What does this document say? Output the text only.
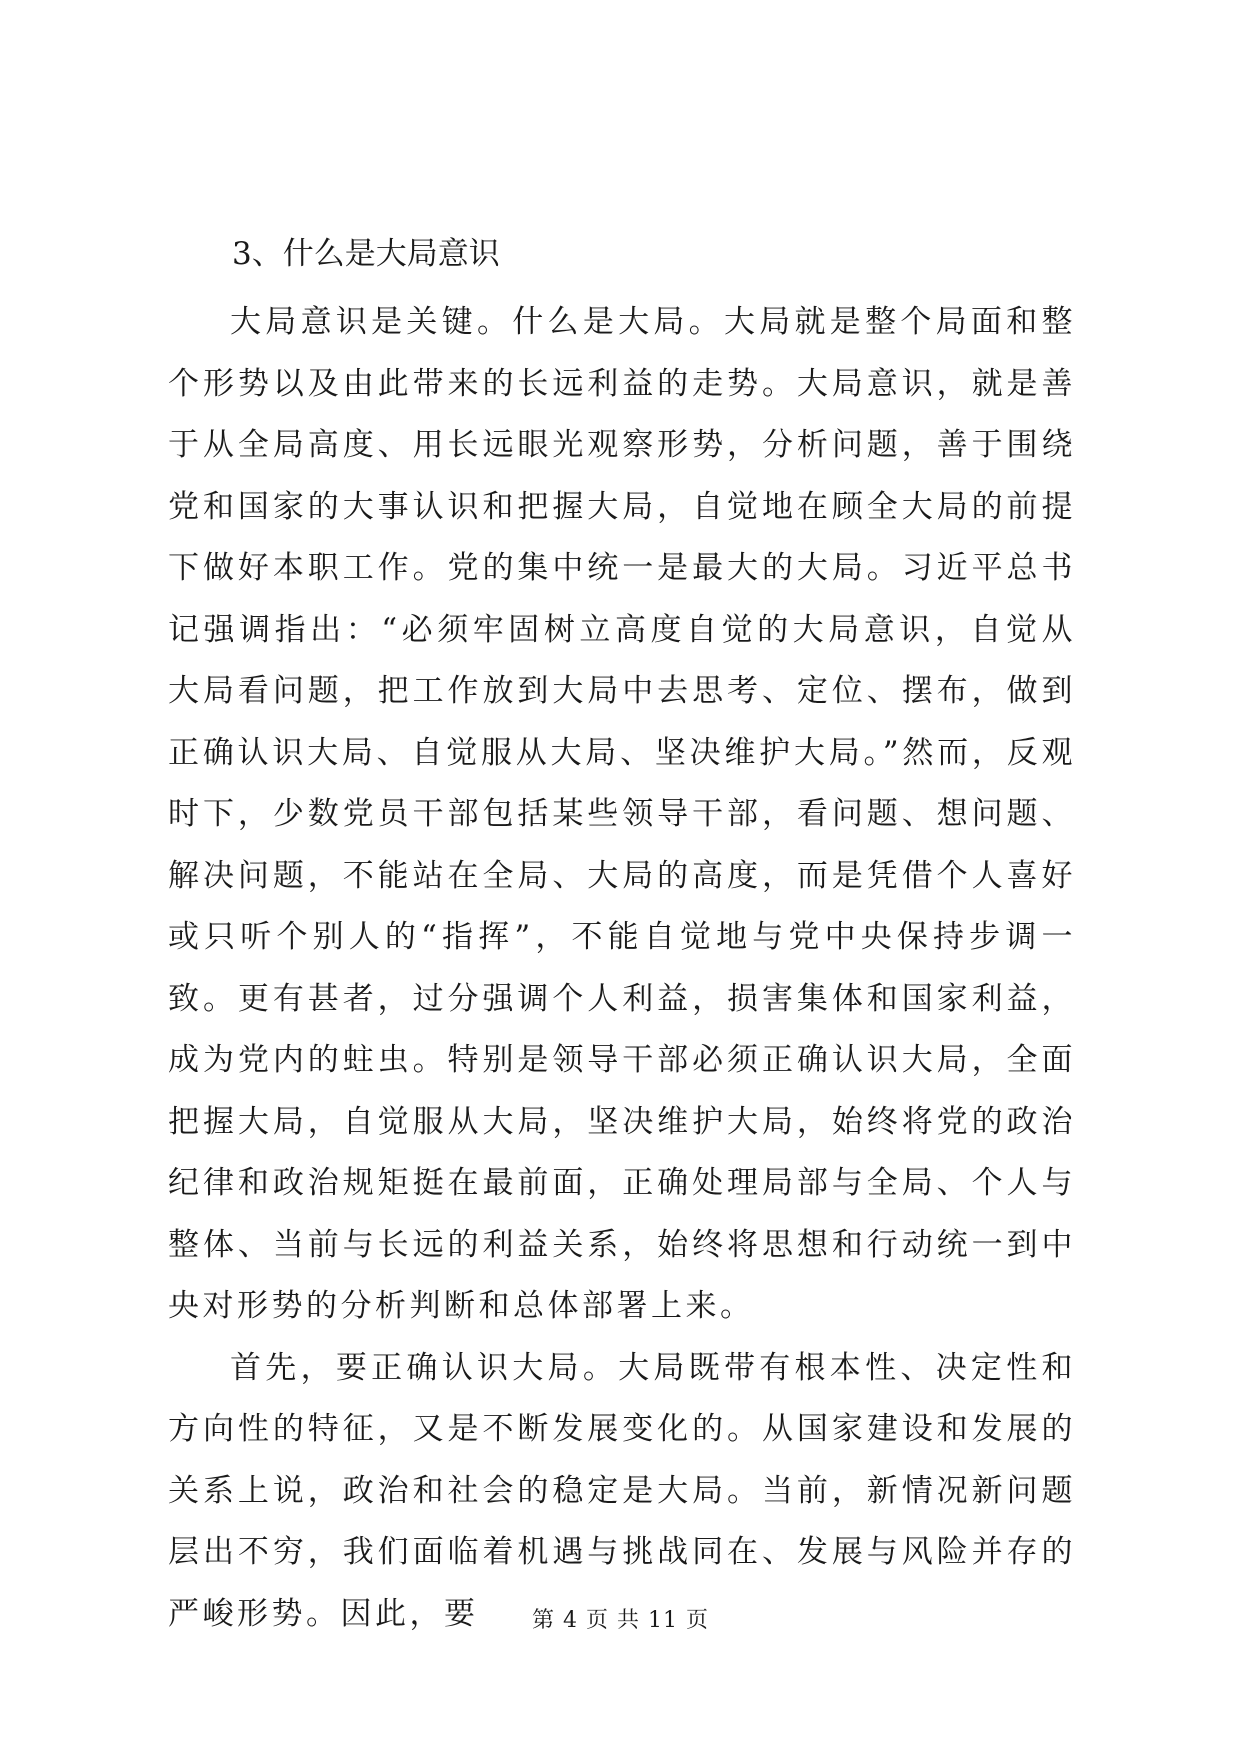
3、什么是大局意识

大局意识是关键。什么是大局。大局就是整个局面和整个形势以及由此带来的长远利益的走势。大局意识，就是善于从全局高度、用长远眼光观察形势，分析问题，善于围绕党和国家的大事认识和把握大局，自觉地在顾全大局的前提下做好本职工作。党的集中统一是最大的大局。习近平总书记强调指出：“必须牢固树立高度自觉的大局意识，自觉从大局看问题，把工作放到大局中去思考、定位、摆布，做到正确认识大局、自觉服从大局、坚决维护大局。”然而，反观时下，少数党员干部包括某些领导干部，看问题、想问题、解决问题，不能站在全局、大局的高度，而是凭借个人喜好或只听个别人的“指挥”，不能自觉地与党中央保持步调一致。更有甚者，过分强调个人利益，损害集体和国家利益，成为党内的蛀虫。特别是领导干部必须正确认识大局，全面把握大局，自觉服从大局，坚决维护大局，始终将党的政治纪律和政治规矩挺在最前面，正确处理局部与全局、个人与整体、当前与长远的利益关系，始终将思想和行动统一到中央对形势的分析判断和总体部署上来。

首先，要正确认识大局。大局既带有根本性、决定性和方向性的特征，又是不断发展变化的。从国家建设和发展的关系上说，政治和社会的稳定是大局。当前，新情况新问题层出不穷，我们面临着机遇与挑战同在、发展与风险并存的严峻形势。因此，要	第 4 页 共 11 页
